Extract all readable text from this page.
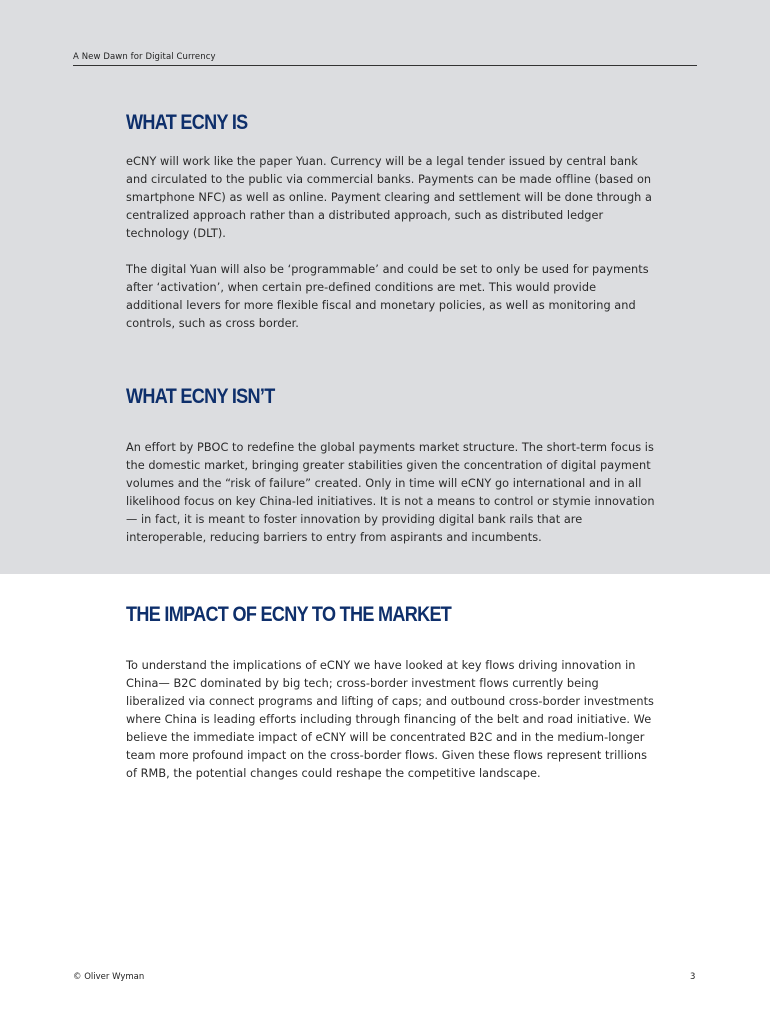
A New Dawn for Digital Currency
WHAT ECNY IS

eCNY will work like the paper Yuan. Currency will be a legal tender issued by central bank and circulated to the public via commercial banks. Payments can be made offline (based on smartphone NFC) as well as online. Payment clearing and settlement will be done through a centralized approach rather than a distributed approach, such as distributed ledger technology (DLT).

The digital Yuan will also be ‘programmable’ and could be set to only be used for payments after ‘activation’, when certain pre-defined conditions are met. This would provide additional levers for more flexible fiscal and monetary policies, as well as monitoring and controls, such as cross border.

WHAT ECNY ISN’T

An effort by PBOC to redefine the global payments market structure. The short-term focus is the domestic market, bringing greater stabilities given the concentration of digital payment volumes and the “risk of failure” created. Only in time will eCNY go international and in all likelihood focus on key China-led initiatives. It is not a means to control or stymie innovation— in fact, it is meant to foster innovation by providing digital bank rails that are interoperable, reducing barriers to entry from aspirants and incumbents.

THE IMPACT OF ECNY TO THE MARKET

To understand the implications of eCNY we have looked at key flows driving innovation in China— B2C dominated by big tech; cross-border investment flows currently being liberalized via connect programs and lifting of caps; and outbound cross-border investments where China is leading efforts including through financing of the belt and road initiative. We believe the immediate impact of eCNY will be concentrated B2C and in the medium-longer team more profound impact on the cross-border flows. Given these flows represent trillions of RMB, the potential changes could reshape the competitive landscape.

© Oliver Wyman	3
